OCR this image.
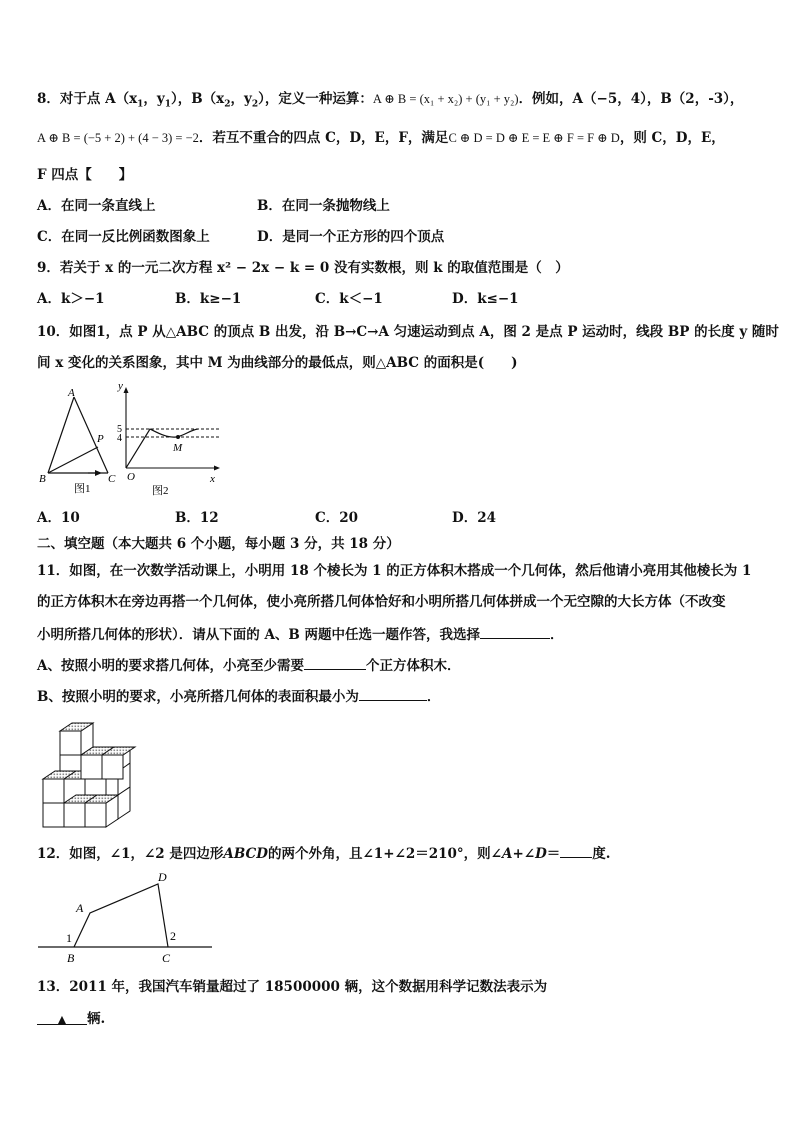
8．对于点 $A(x_1$，$y_1$），$B(x_2$，$y_2$），定义一种运算：A ⊕ B = (x₁ + x₂) + (y₁ + y₂)．例如，A（−5，4），B（2，-3），
A ⊕ B = (−5 + 2) + (4 − 3) = −2．若互不重合的四点 C，D，E，F，满足C ⊕ D = D ⊕ E = E ⊕ F = F ⊕ D，则 C，D，E，
F 四点【　　】
A．在同一条直线上	B．在同一条抛物线上
C．在同一反比例函数图象上	D．是同一个正方形的四个顶点
9．若关于 x 的一元二次方程 x² − 2x − k = 0 没有实数根，则 k 的取值范围是（　）
A．k＞−1	B．k≥−1	C．k＜−1	D．k≤−1
10．如图1，点 P 从△ABC 的顶点 B 出发，沿 B→C→A 匀速运动到点 A，图 2 是点 P 运动时，线段 BP 的长度 y 随时
间 x 变化的关系图象，其中 M 为曲线部分的最低点，则△ABC 的面积是(　　)
A
P
B	C
图1
y
5
4
M
O	x
图2
A．10	B．12	C．20	D．24
二、填空题（本大题共 6 个小题，每小题 3 分，共 18 分）
11．如图，在一次数学活动课上，小明用 18 个棱长为 1 的正方体积木搭成一个几何体，然后他请小亮用其他棱长为 1
的正方体积木在旁边再搭一个几何体，使小亮所搭几何体恰好和小明所搭几何体拼成一个无空隙的大长方体（不改变
小明所搭几何体的形状）．请从下面的 A、B 两题中任选一题作答，我选择	．
A、按照小明的要求搭几何体，小亮至少需要	个正方体积木．
B、按照小明的要求，小亮所搭几何体的表面积最小为	．
12．如图，∠1，∠2 是四边形ABCD的两个外角，且∠1+∠2＝210°，则∠A+∠D＝ 度.
D
A
1	2
B	C
13．2011 年，我国汽车销量超过了 18500000 辆，这个数据用科学记数法表示为
▲ 辆.
